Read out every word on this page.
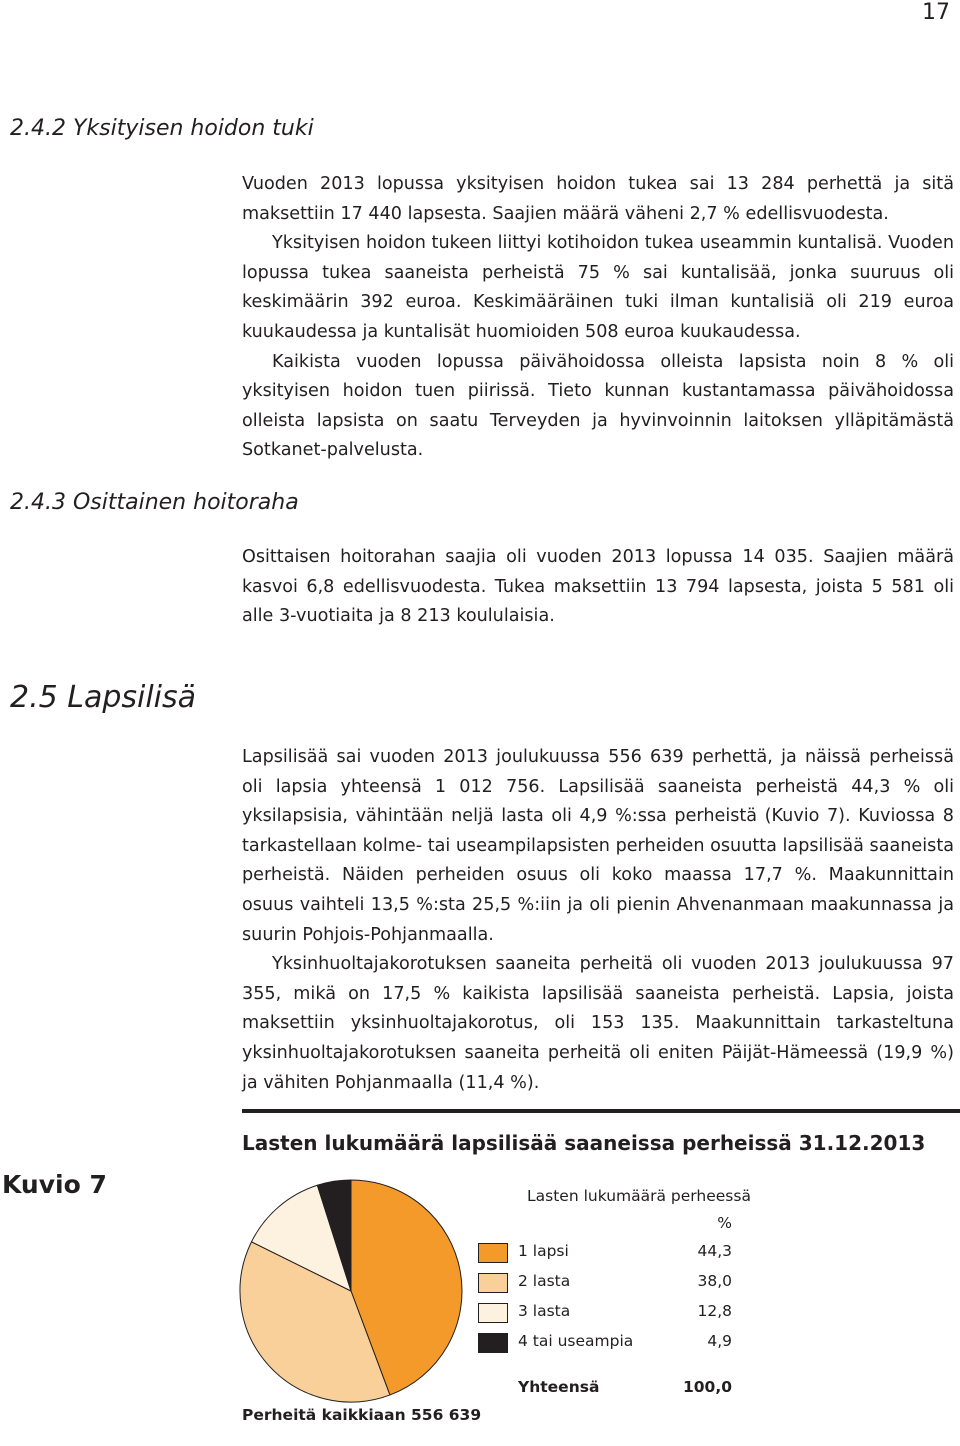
17
2.4.2 Yksityisen hoidon tuki

Vuoden 2013 lopussa yksityisen hoidon tukea sai 13 284 perhettä ja sitä maksettiin 17 440 lapsesta. Saajien määrä väheni 2,7 % edellisvuodesta.

Yksityisen hoidon tukeen liittyi kotihoidon tukea useammin kuntalisä. Vuoden lopussa tukea saaneista perheistä 75 % sai kuntalisää, jonka suuruus oli keskimäärin 392 euroa. Keskimääräinen tuki ilman kuntalisiä oli 219 euroa kuukaudessa ja kuntalisät huomioiden 508 euroa kuukaudessa.

Kaikista vuoden lopussa päivähoidossa olleista lapsista noin 8 % oli yksityisen hoidon tuen piirissä. Tieto kunnan kustantamassa päivähoidossa olleista lapsista on saatu Terveyden ja hyvinvoinnin laitoksen ylläpitämästä Sotkanet-palvelusta.

2.4.3 Osittainen hoitoraha

Osittaisen hoitorahan saajia oli vuoden 2013 lopussa 14 035. Saajien määrä kasvoi 6,8 edellisvuodesta. Tukea maksettiin 13 794 lapsesta, joista 5 581 oli alle 3-vuotiaita ja 8 213 koululaisia.

2.5 Lapsilisä

Lapsilisää sai vuoden 2013 joulukuussa 556 639 perhettä, ja näissä perheissä oli lapsia yhteensä 1 012 756. Lapsilisää saaneista perheistä 44,3 % oli yksilapsisia, vähintään neljä lasta oli 4,9 %:ssa perheistä (Kuvio 7). Kuviossa 8 tarkastellaan kolme- tai useampilapsisten perheiden osuutta lapsilisää saaneista perheistä. Näiden perheiden osuus oli koko maassa 17,7 %. Maakunnittain osuus vaihteli 13,5 %:sta 25,5 %:iin ja oli pienin Ahvenanmaan maakunnassa ja suurin Pohjois-Pohjanmaalla.

Yksinhuoltajakorotuksen saaneita perheitä oli vuoden 2013 joulukuussa 97 355, mikä on 17,5 % kaikista lapsilisää saaneista perheistä. Lapsia, joista maksettiin yksinhuoltajakorotus, oli 153 135. Maakunnittain tarkasteltuna yksinhuoltajakorotuksen saaneita perheitä oli eniten Päijät-Hämeessä (19,9 %) ja vähiten Pohjanmaalla (11,4 %).

Kuvio 7
Lasten lukumäärä lapsilisää saaneissa perheissä 31.12.2013
Lasten lukumäärä perheessä
%
1 lapsi	44,3
2 lasta	38,0
3 lasta	12,8
4 tai useampia	4,9
Yhteensä	100,0
Perheitä kaikkiaan 556 639
